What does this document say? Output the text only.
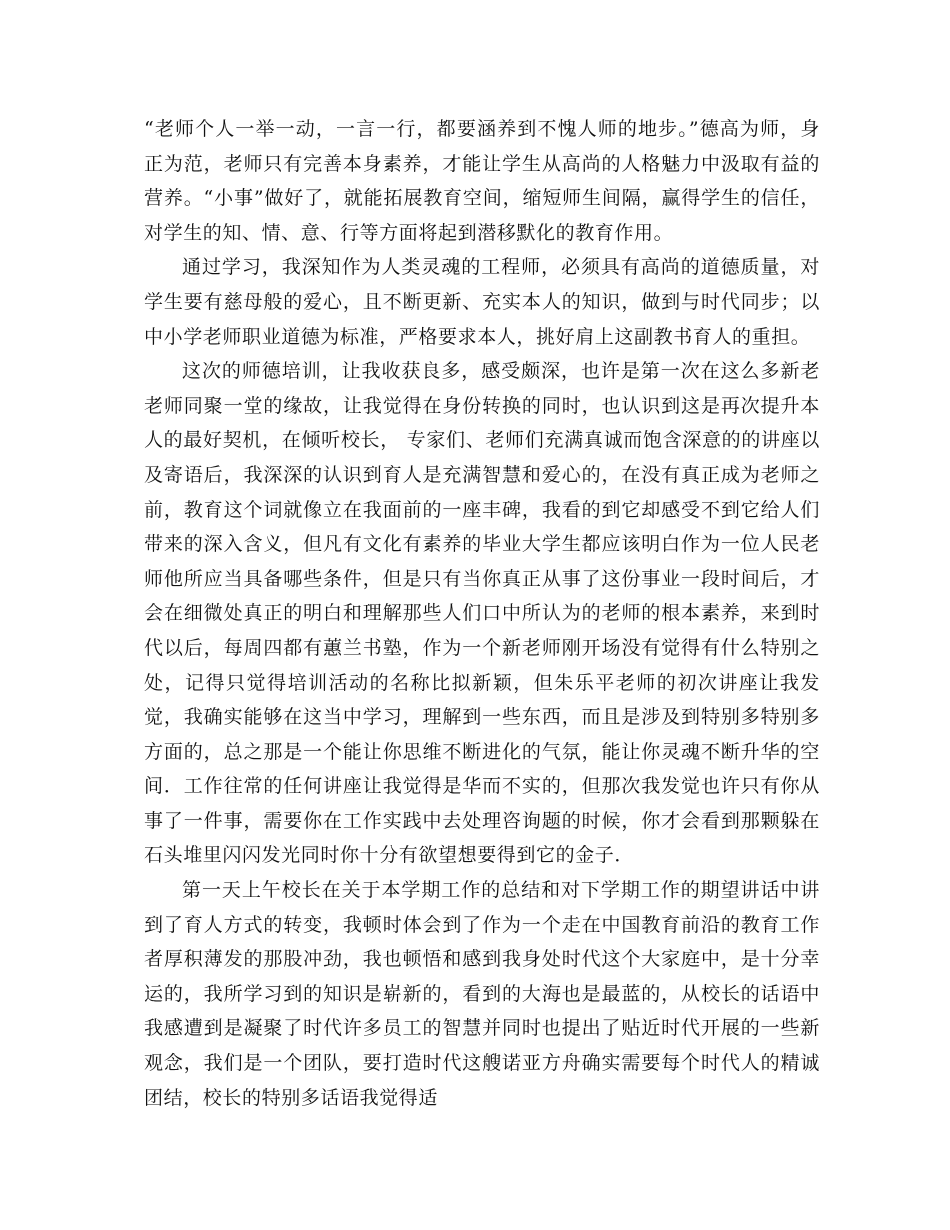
“老师个人一举一动，一言一行，都要涵养到不愧人师的地步。”德高为师，身正为范，老师只有完善本身素养，才能让学生从高尚的人格魅力中汲取有益的营养。“小事”做好了，就能拓展教育空间，缩短师生间隔，赢得学生的信任，对学生的知、情、意、行等方面将起到潜移默化的教育作用。

通过学习，我深知作为人类灵魂的工程师，必须具有高尚的道德质量，对学生要有慈母般的爱心，且不断更新、充实本人的知识，做到与时代同步；以中小学老师职业道德为标准，严格要求本人，挑好肩上这副教书育人的重担。

这次的师德培训，让我收获良多，感受颇深，也许是第一次在这么多新老老师同聚一堂的缘故，让我觉得在身份转换的同时，也认识到这是再次提升本人的最好契机，在倾听校长， 专家们、老师们充满真诚而饱含深意的的讲座以及寄语后，我深深的认识到育人是充满智慧和爱心的，在没有真正成为老师之前，教育这个词就像立在我面前的一座丰碑，我看的到它却感受不到它给人们带来的深入含义，但凡有文化有素养的毕业大学生都应该明白作为一位人民老师他所应当具备哪些条件，但是只有当你真正从事了这份事业一段时间后，才会在细微处真正的明白和理解那些人们口中所认为的老师的根本素养，来到时代以后，每周四都有蕙兰书塾，作为一个新老师刚开场没有觉得有什么特别之处，记得只觉得培训活动的名称比拟新颖，但朱乐平老师的初次讲座让我发觉，我确实能够在这当中学习，理解到一些东西，而且是涉及到特别多特别多方面的，总之那是一个能让你思维不断进化的气氛，能让你灵魂不断升华的空间．工作往常的任何讲座让我觉得是华而不实的，但那次我发觉也许只有你从事了一件事，需要你在工作实践中去处理咨询题的时候，你才会看到那颗躲在石头堆里闪闪发光同时你十分有欲望想要得到它的金子．

第一天上午校长在关于本学期工作的总结和对下学期工作的期望讲话中讲到了育人方式的转变，我顿时体会到了作为一个走在中国教育前沿的教育工作者厚积薄发的那股冲劲，我也顿悟和感到我身处时代这个大家庭中，是十分幸运的，我所学习到的知识是崭新的，看到的大海也是最蓝的，从校长的话语中我感遭到是凝聚了时代许多员工的智慧并同时也提出了贴近时代开展的一些新观念，我们是一个团队，要打造时代这艘诺亚方舟确实需要每个时代人的精诚团结，校长的特别多话语我觉得适
